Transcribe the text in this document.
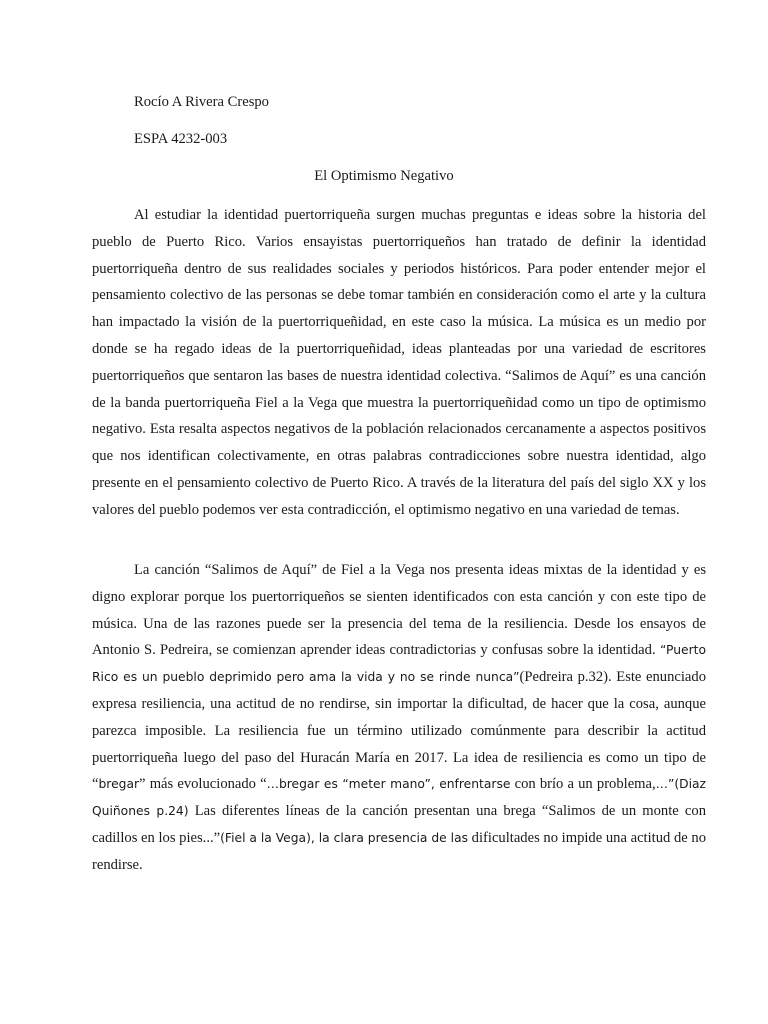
Rocío A Rivera Crespo

ESPA 4232-003

El Optimismo Negativo

Al estudiar la identidad puertorriqueña surgen muchas preguntas e ideas sobre la historia del pueblo de Puerto Rico. Varios ensayistas puertorriqueños han tratado de definir la identidad puertorriqueña dentro de sus realidades sociales y periodos históricos. Para poder entender mejor el pensamiento colectivo de las personas se debe tomar también en consideración como el arte y la cultura han impactado la visión de la puertorriqueñidad, en este caso la música. La música es un medio por donde se ha regado ideas de la puertorriqueñidad, ideas planteadas por una variedad de escritores puertorriqueños que sentaron las bases de nuestra identidad colectiva. “Salimos de Aquí” es una canción de la banda puertorriqueña Fiel a la Vega que muestra la puertorriqueñidad como un tipo de optimismo negativo. Esta resalta aspectos negativos de la población relacionados cercanamente a aspectos positivos que nos identifican colectivamente, en otras palabras contradicciones sobre nuestra identidad, algo presente en el pensamiento colectivo de Puerto Rico. A través de la literatura del país del siglo XX y los valores del pueblo podemos ver esta contradicción, el optimismo negativo en una variedad de temas.

La canción “Salimos de Aquí” de Fiel a la Vega nos presenta ideas mixtas de la identidad y es digno explorar porque los puertorriqueños se sienten identificados con esta canción y con este tipo de música. Una de las razones puede ser la presencia del tema de la resiliencia. Desde los ensayos de Antonio S. Pedreira, se comienzan aprender ideas contradictorias y confusas sobre la identidad. “Puerto Rico es un pueblo deprimido pero ama la vida y no se rinde nunca”(Pedreira p.32). Este enunciado expresa resiliencia, una actitud de no rendirse, sin importar la dificultad, de hacer que la cosa, aunque parezca imposible. La resiliencia fue un término utilizado comúnmente para describir la actitud puertorriqueña luego del paso del Huracán María en 2017. La idea de resiliencia es como un tipo de “bregar” más evolucionado “…bregar es “meter mano”, enfrentarse con brío a un problema,…”(Diaz Quiñones p.24) Las diferentes líneas de la canción presentan una brega “Salimos de un monte con cadillos en los pies...”(Fiel a la Vega), la clara presencia de las dificultades no impide una actitud de no rendirse.
